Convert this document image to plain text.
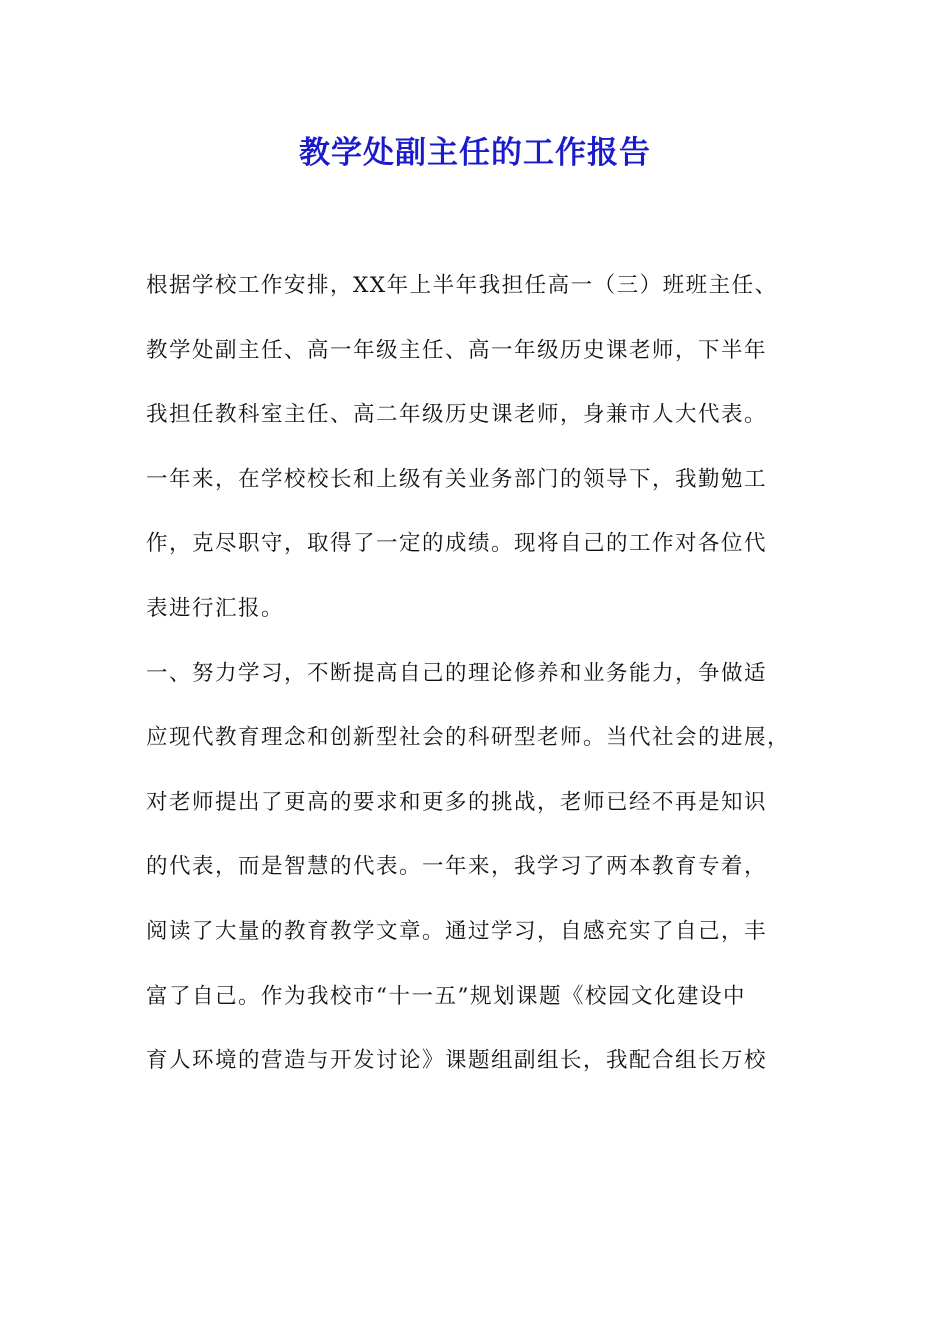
教学处副主任的工作报告
根据学校工作安排，XX年上半年我担任高一（三）班班主任、
教学处副主任、高一年级主任、高一年级历史课老师，下半年
我担任教科室主任、高二年级历史课老师，身兼市人大代表。
一年来，在学校校长和上级有关业务部门的领导下，我勤勉工
作，克尽职守，取得了一定的成绩。现将自己的工作对各位代
表进行汇报。
一、努力学习，不断提高自己的理论修养和业务能力，争做适
应现代教育理念和创新型社会的科研型老师。当代社会的进展，
对老师提出了更高的要求和更多的挑战，老师已经不再是知识
的代表，而是智慧的代表。一年来，我学习了两本教育专着，
阅读了大量的教育教学文章。通过学习，自感充实了自己，丰
富了自己。作为我校市“十一五”规划课题《校园文化建设中
育人环境的营造与开发讨论》课题组副组长，我配合组长万校
